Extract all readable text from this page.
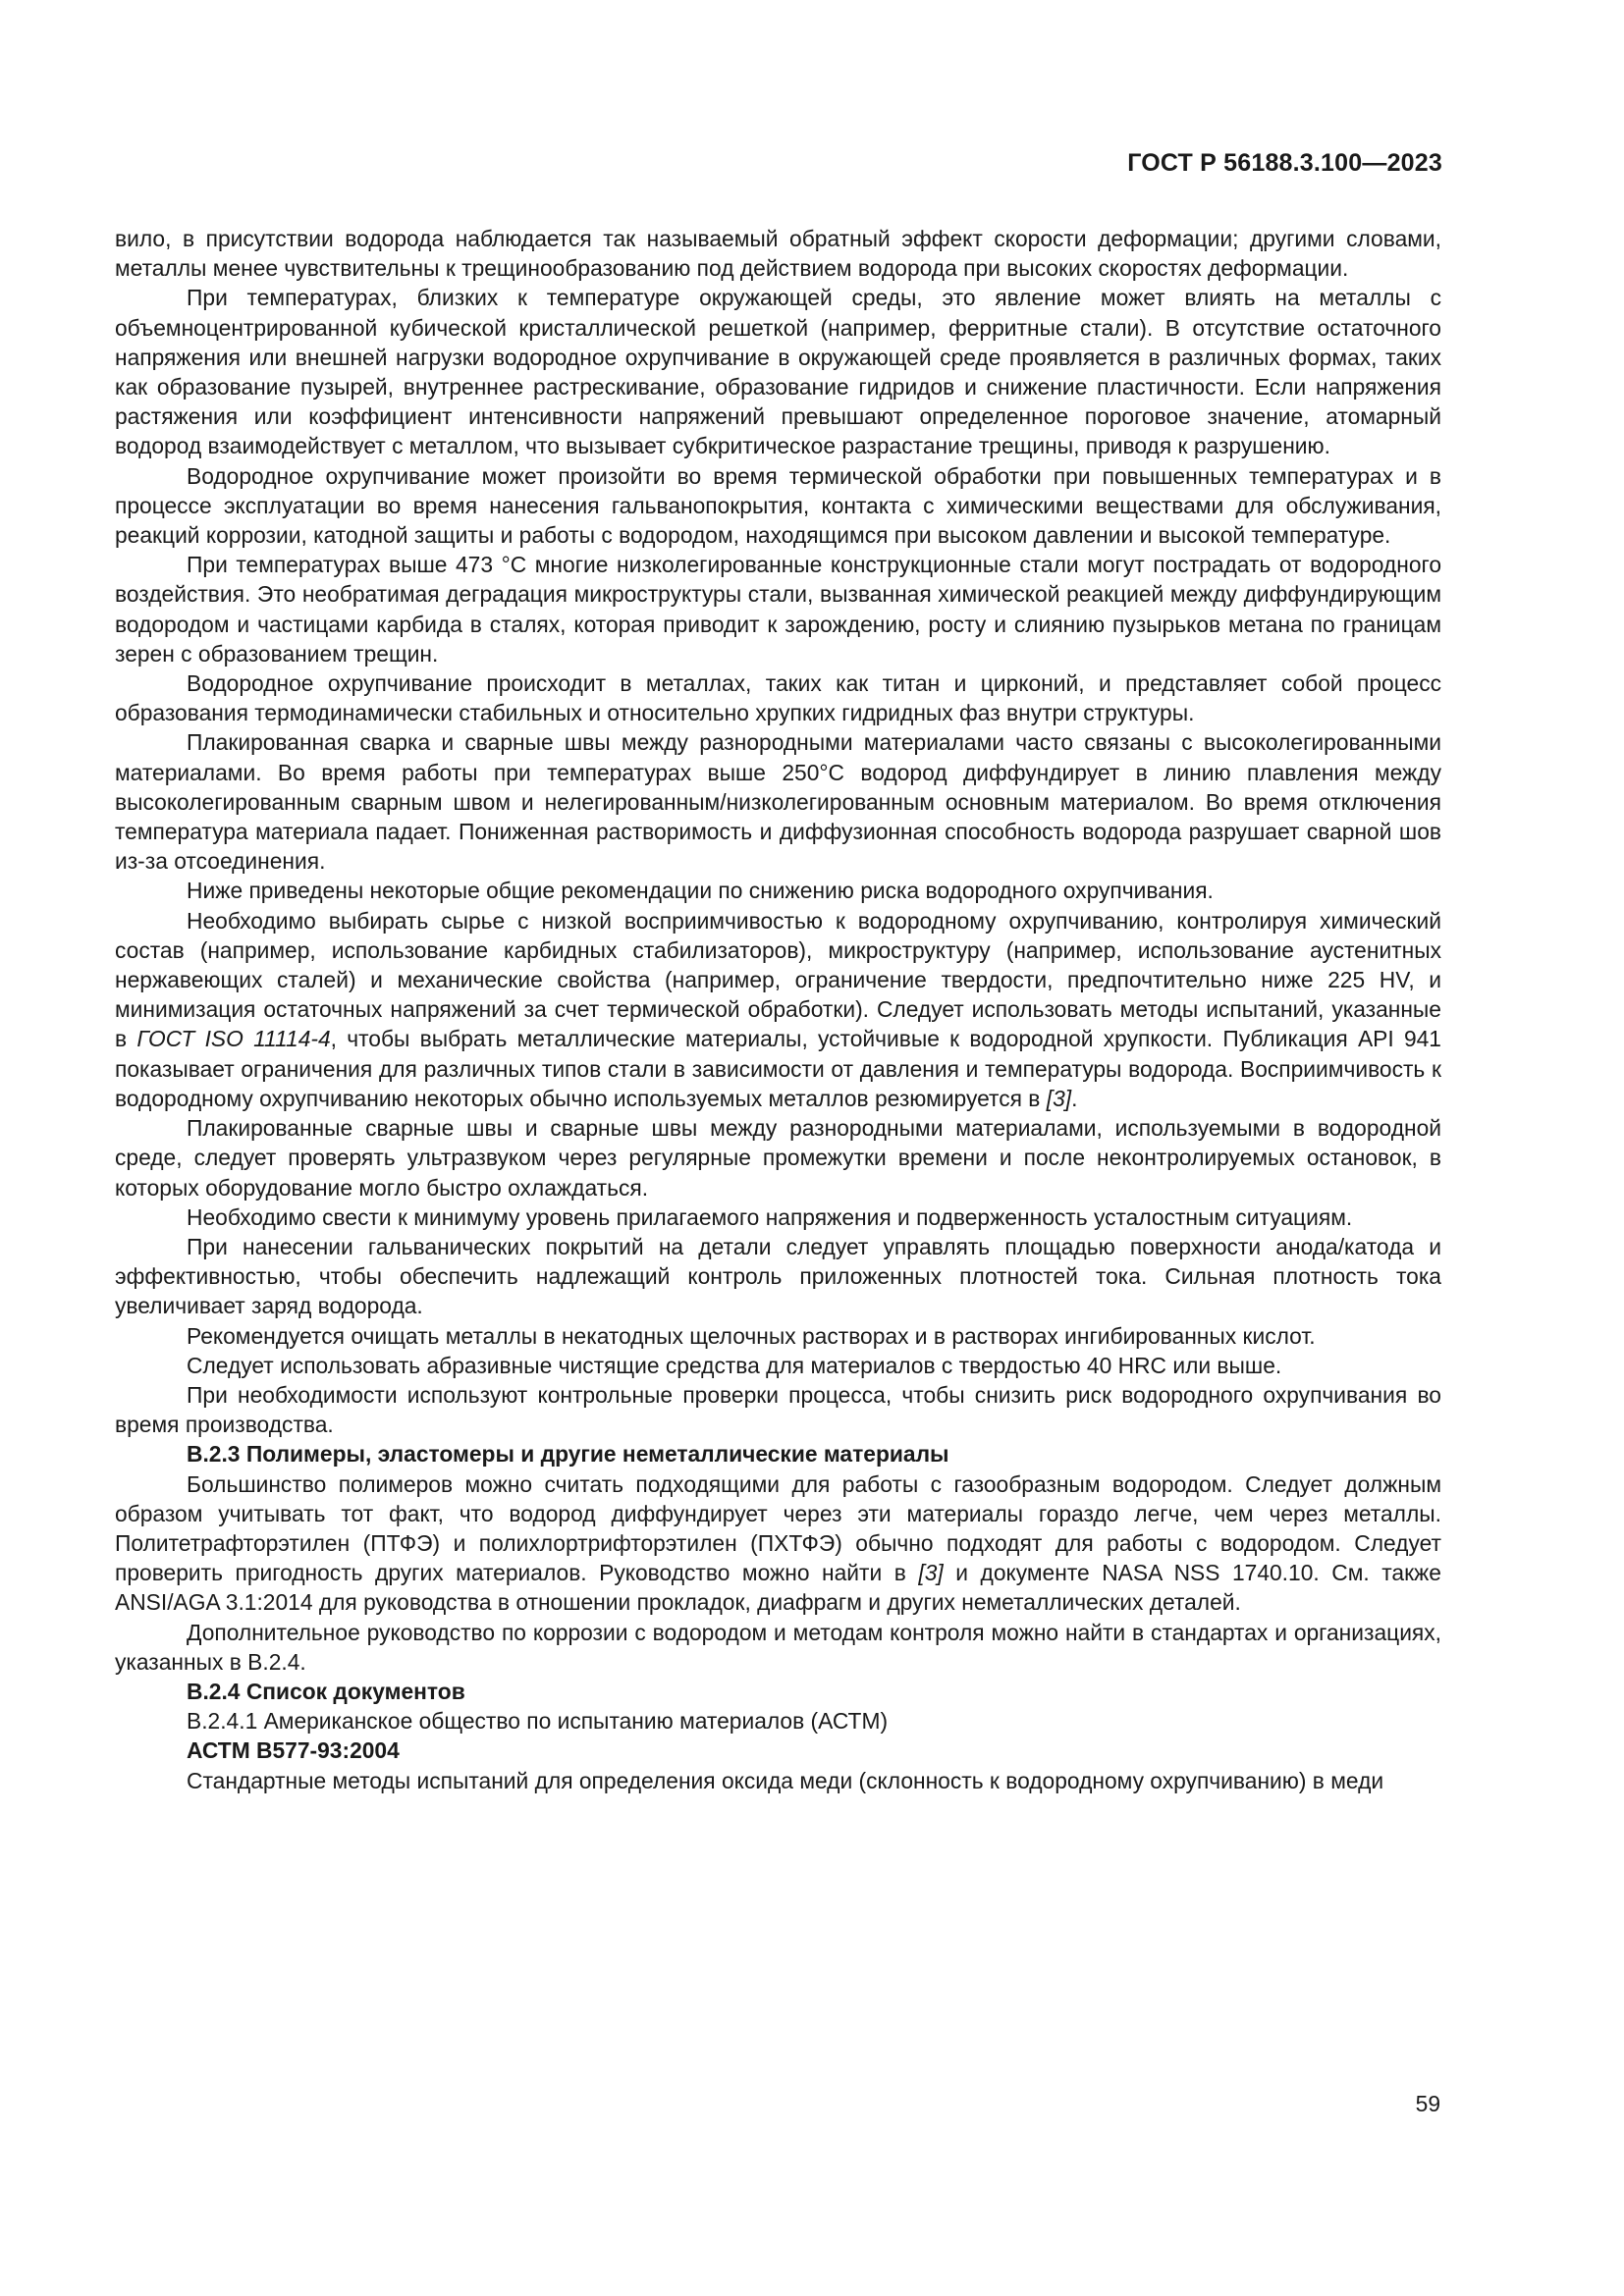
ГОСТ Р 56188.3.100—2023

вило, в присутствии водорода наблюдается так называемый обратный эффект скорости деформации; другими словами, металлы менее чувствительны к трещинообразованию под действием водорода при высоких скоростях деформации.

При температурах, близких к температуре окружающей среды, это явление может влиять на металлы с объемноцентрированной кубической кристаллической решеткой (например, ферритные стали). В отсутствие остаточного напряжения или внешней нагрузки водородное охрупчивание в окружающей среде проявляется в различных формах, таких как образование пузырей, внутреннее растрескивание, образование гидридов и снижение пластичности. Если напряжения растяжения или коэффициент интенсивности напряжений превышают определенное пороговое значение, атомарный водород взаимодействует с металлом, что вызывает субкритическое разрастание трещины, приводя к разрушению.

Водородное охрупчивание может произойти во время термической обработки при повышенных температурах и в процессе эксплуатации во время нанесения гальванопокрытия, контакта с химическими веществами для обслуживания, реакций коррозии, катодной защиты и работы с водородом, находящимся при высоком давлении и высокой температуре.

При температурах выше 473 °С многие низколегированные конструкционные стали могут пострадать от водородного воздействия. Это необратимая деградация микроструктуры стали, вызванная химической реакцией между диффундирующим водородом и частицами карбида в сталях, которая приводит к зарождению, росту и слиянию пузырьков метана по границам зерен с образованием трещин.

Водородное охрупчивание происходит в металлах, таких как титан и цирконий, и представляет собой процесс образования термодинамически стабильных и относительно хрупких гидридных фаз внутри структуры.

Плакированная сварка и сварные швы между разнородными материалами часто связаны с высоколегированными материалами. Во время работы при температурах выше 250°С водород диффундирует в линию плавления между высоколегированным сварным швом и нелегированным/низколегированным основным материалом. Во время отключения температура материала падает. Пониженная растворимость и диффузионная способность водорода разрушает сварной шов из-за отсоединения.

Ниже приведены некоторые общие рекомендации по снижению риска водородного охрупчивания.

Необходимо выбирать сырье с низкой восприимчивостью к водородному охрупчиванию, контролируя химический состав (например, использование карбидных стабилизаторов), микроструктуру (например, использование аустенитных нержавеющих сталей) и механические свойства (например, ограничение твердости, предпочтительно ниже 225 HV, и минимизация остаточных напряжений за счет термической обработки). Следует использовать методы испытаний, указанные в ГОСТ ISO 11114-4, чтобы выбрать металлические материалы, устойчивые к водородной хрупкости. Публикация API 941 показывает ограничения для различных типов стали в зависимости от давления и температуры водорода. Восприимчивость к водородному охрупчиванию некоторых обычно используемых металлов резюмируется в [3].

Плакированные сварные швы и сварные швы между разнородными материалами, используемыми в водородной среде, следует проверять ультразвуком через регулярные промежутки времени и после неконтролируемых остановок, в которых оборудование могло быстро охлаждаться.

Необходимо свести к минимуму уровень прилагаемого напряжения и подверженность усталостным ситуациям.

При нанесении гальванических покрытий на детали следует управлять площадью поверхности анода/катода и эффективностью, чтобы обеспечить надлежащий контроль приложенных плотностей тока. Сильная плотность тока увеличивает заряд водорода.

Рекомендуется очищать металлы в некатодных щелочных растворах и в растворах ингибированных кислот.

Следует использовать абразивные чистящие средства для материалов с твердостью 40 HRC или выше.

При необходимости используют контрольные проверки процесса, чтобы снизить риск водородного охрупчивания во время производства.

В.2.3 Полимеры, эластомеры и другие неметаллические материалы

Большинство полимеров можно считать подходящими для работы с газообразным водородом. Следует должным образом учитывать тот факт, что водород диффундирует через эти материалы гораздо легче, чем через металлы. Политетрафторэтилен (ПТФЭ) и полихлортрифторэтилен (ПХТФЭ) обычно подходят для работы с водородом. Следует проверить пригодность других материалов. Руководство можно найти в [3] и документе NASA NSS 1740.10. См. также ANSI/AGA 3.1:2014 для руководства в отношении прокладок, диафрагм и других неметаллических деталей.

Дополнительное руководство по коррозии с водородом и методам контроля можно найти в стандартах и организациях, указанных в В.2.4.

В.2.4 Список документов

В.2.4.1 Американское общество по испытанию материалов (АСТМ)

АСТМ В577-93:2004

Стандартные методы испытаний для определения оксида меди (склонность к водородному охрупчиванию) в меди

59
